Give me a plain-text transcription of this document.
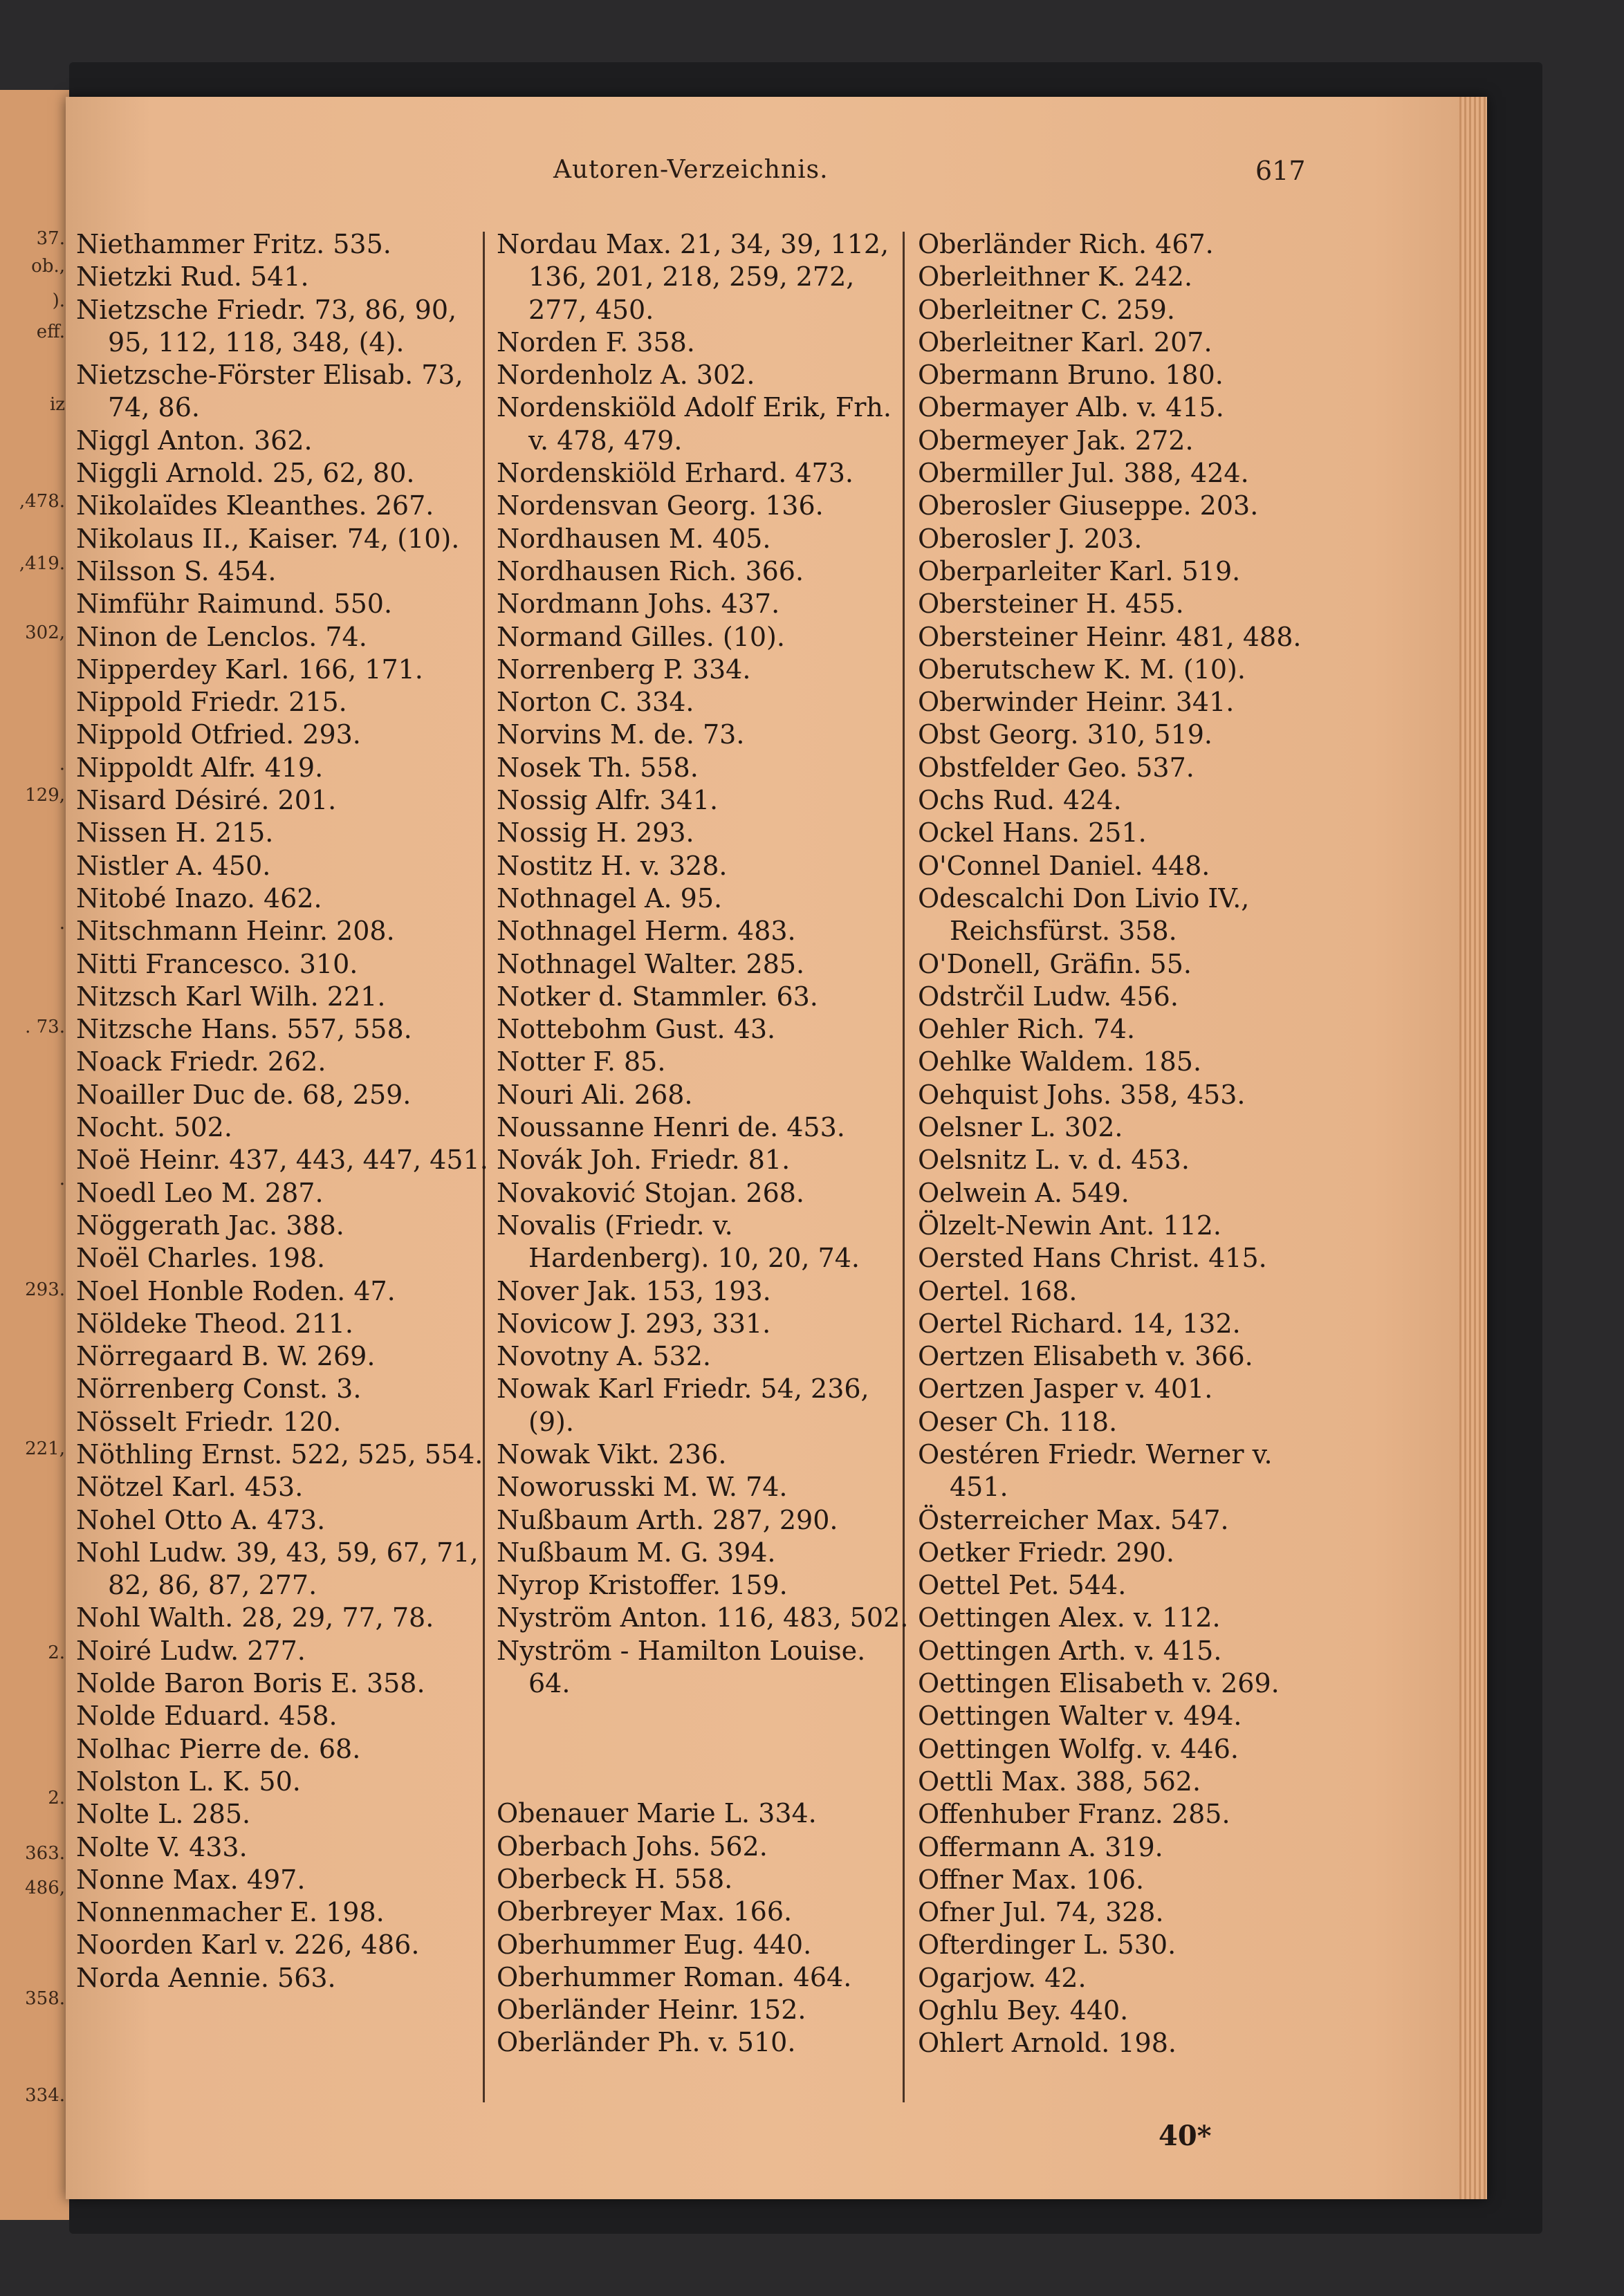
37.
ob.,
).
eff.
iz
,478.
,419.
302,
.
129,
.
. 73.
.
293.
221,
2.
2.
363.
486,
358.
334.
Autoren-Verzeichnis.	617
Niethammer Fritz. 535.
Nietzki Rud. 541.
Nietzsche Friedr. 73, 86, 90, 95, 112, 118, 348, (4).
Nietzsche-Förster Elisab. 73, 74, 86.
Niggl Anton. 362.
Niggli Arnold. 25, 62, 80.
Nikolaïdes Kleanthes. 267.
Nikolaus II., Kaiser. 74, (10).
Nilsson S. 454.
Nimführ Raimund. 550.
Ninon de Lenclos. 74.
Nipperdey Karl. 166, 171.
Nippold Friedr. 215.
Nippold Otfried. 293.
Nippoldt Alfr. 419.
Nisard Désiré. 201.
Nissen H. 215.
Nistler A. 450.
Nitobé Inazo. 462.
Nitschmann Heinr. 208.
Nitti Francesco. 310.
Nitzsch Karl Wilh. 221.
Nitzsche Hans. 557, 558.
Noack Friedr. 262.
Noailler Duc de. 68, 259.
Nocht. 502.
Noë Heinr. 437, 443, 447, 451.
Noedl Leo M. 287.
Nöggerath Jac. 388.
Noël Charles. 198.
Noel Honble Roden. 47.
Nöldeke Theod. 211.
Nörregaard B. W. 269.
Nörrenberg Const. 3.
Nösselt Friedr. 120.
Nöthling Ernst. 522, 525, 554.
Nötzel Karl. 453.
Nohel Otto A. 473.
Nohl Ludw. 39, 43, 59, 67, 71, 82, 86, 87, 277.
Nohl Walth. 28, 29, 77, 78.
Noiré Ludw. 277.
Nolde Baron Boris E. 358.
Nolde Eduard. 458.
Nolhac Pierre de. 68.
Nolston L. K. 50.
Nolte L. 285.
Nolte V. 433.
Nonne Max. 497.
Nonnenmacher E. 198.
Noorden Karl v. 226, 486.
Norda Aennie. 563.
Nordau Max. 21, 34, 39, 112, 136, 201, 218, 259, 272, 277, 450.
Norden F. 358.
Nordenholz A. 302.
Nordenskiöld Adolf Erik, Frh. v. 478, 479.
Nordenskiöld Erhard. 473.
Nordensvan Georg. 136.
Nordhausen M. 405.
Nordhausen Rich. 366.
Nordmann Johs. 437.
Normand Gilles. (10).
Norrenberg P. 334.
Norton C. 334.
Norvins M. de. 73.
Nosek Th. 558.
Nossig Alfr. 341.
Nossig H. 293.
Nostitz H. v. 328.
Nothnagel A. 95.
Nothnagel Herm. 483.
Nothnagel Walter. 285.
Notker d. Stammler. 63.
Nottebohm Gust. 43.
Notter F. 85.
Nouri Ali. 268.
Noussanne Henri de. 453.
Novák Joh. Friedr. 81.
Novaković Stojan. 268.
Novalis (Friedr. v. Hardenberg). 10, 20, 74.
Nover Jak. 153, 193.
Novicow J. 293, 331.
Novotny A. 532.
Nowak Karl Friedr. 54, 236, (9).
Nowak Vikt. 236.
Noworusski M. W. 74.
Nußbaum Arth. 287, 290.
Nußbaum M. G. 394.
Nyrop Kristoffer. 159.
Nyström Anton. 116, 483, 502.
Nyström - Hamilton Louise. 64.
Obenauer Marie L. 334.
Oberbach Johs. 562.
Oberbeck H. 558.
Oberbreyer Max. 166.
Oberhummer Eug. 440.
Oberhummer Roman. 464.
Oberländer Heinr. 152.
Oberländer Ph. v. 510.
Oberländer Rich. 467.
Oberleithner K. 242.
Oberleitner C. 259.
Oberleitner Karl. 207.
Obermann Bruno. 180.
Obermayer Alb. v. 415.
Obermeyer Jak. 272.
Obermiller Jul. 388, 424.
Oberosler Giuseppe. 203.
Oberosler J. 203.
Oberparleiter Karl. 519.
Obersteiner H. 455.
Obersteiner Heinr. 481, 488.
Oberutschew K. M. (10).
Oberwinder Heinr. 341.
Obst Georg. 310, 519.
Obstfelder Geo. 537.
Ochs Rud. 424.
Ockel Hans. 251.
O'Connel Daniel. 448.
Odescalchi Don Livio IV., Reichsfürst. 358.
O'Donell, Gräfin. 55.
Odstrčil Ludw. 456.
Oehler Rich. 74.
Oehlke Waldem. 185.
Oehquist Johs. 358, 453.
Oelsner L. 302.
Oelsnitz L. v. d. 453.
Oelwein A. 549.
Ölzelt-Newin Ant. 112.
Oersted Hans Christ. 415.
Oertel. 168.
Oertel Richard. 14, 132.
Oertzen Elisabeth v. 366.
Oertzen Jasper v. 401.
Oeser Ch. 118.
Oestéren Friedr. Werner v. 451.
Österreicher Max. 547.
Oetker Friedr. 290.
Oettel Pet. 544.
Oettingen Alex. v. 112.
Oettingen Arth. v. 415.
Oettingen Elisabeth v. 269.
Oettingen Walter v. 494.
Oettingen Wolfg. v. 446.
Oettli Max. 388, 562.
Offenhuber Franz. 285.
Offermann A. 319.
Offner Max. 106.
Ofner Jul. 74, 328.
Ofterdinger L. 530.
Ogarjow. 42.
Oghlu Bey. 440.
Ohlert Arnold. 198.
40*
